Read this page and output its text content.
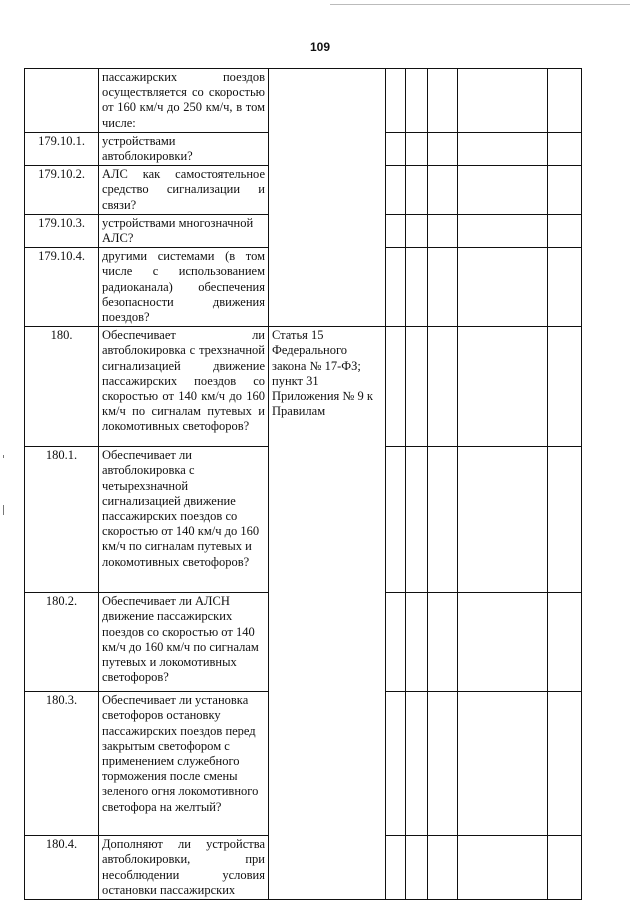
109
	пассажирских поездов осуществляется со скоростью от 160 км/ч до 250 км/ч, в том числе:						
179.10.1.	устройствами автоблокировки?						
179.10.2.	АЛС как самостоятельное средство сигнализации и связи?						
179.10.3.	устройствами многозначной АЛС?						
179.10.4.	другими системами (в том числе с использованием радиоканала) обеспечения безопасности движения поездов?						
180.	Обеспечивает ли автоблокировка с трехзначной сигнализацией движение пассажирских поездов со скоростью от 140 км/ч до 160 км/ч по сигналам путевых и локомотивных светофоров?	Статья 15 Федерального закона № 17-ФЗ; пункт 31 Приложения № 9 к Правилам					
180.1.	Обеспечивает ли автоблокировка с четырехзначной сигнализацией движение пассажирских поездов со скоростью от 140 км/ч до 160 км/ч по сигналам путевых и локомотивных светофоров?						
180.2.	Обеспечивает ли АЛСН движение пассажирских поездов со скоростью от 140 км/ч до 160 км/ч по сигналам путевых и локомотивных светофоров?						
180.3.	Обеспечивает ли установка светофоров остановку пассажирских поездов перед закрытым светофором с применением служебного торможения после смены зеленого огня локомотивного светофора на желтый?						
180.4.	Дополняют ли устройства автоблокировки, при несоблюдении условия остановки пассажирских						
